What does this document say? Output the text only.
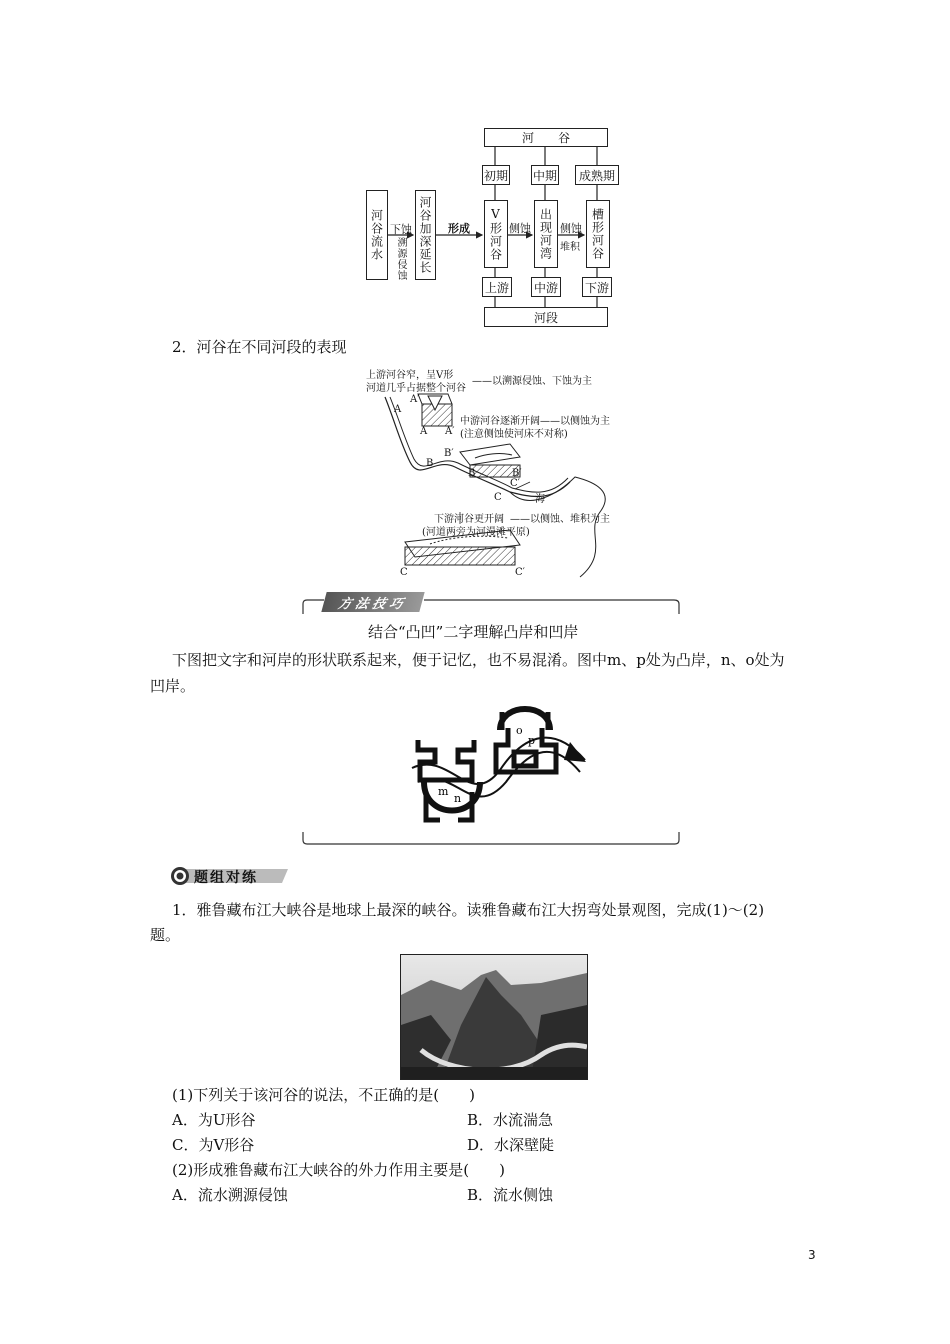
河　　谷
初期 中期 成熟期
河谷流水 下蚀
溯源侵蚀 河谷加深延长 形成 V形河谷 侧蚀 出现河湾 侧蚀
堆积 槽形河谷
上游 中游 下游
河段
2．河谷在不同河段的表现
上游河谷窄，呈V形
河道几乎占据整个河谷
——以溯源侵蚀、下蚀为主
中游河谷逐渐开阔——以侧蚀为主
(注意侧蚀使河床不对称)
下游河谷更开阔 ——以侧蚀、堆积为主
(河道两旁为河漫滩平原)
海
A
A′
A A′
B
B′
B	B′
C
C′
C	C′
方法技巧
结合“凸凹”二字理解凸岸和凹岸
下图把文字和河岸的形状联系起来，便于记忆，也不易混淆。图中m、p处为凸岸，n、o处为
凹岸。
m
n
o
p
题组对练
1．雅鲁藏布江大峡谷是地球上最深的峡谷。读雅鲁藏布江大拐弯处景观图，完成(1)～(2)
题。
(1)下列关于该河谷的说法，不正确的是(　　)
A．为U形谷	B．水流湍急
C．为V形谷	D．水深壁陡
(2)形成雅鲁藏布江大峡谷的外力作用主要是(　　)
A．流水溯源侵蚀	B．流水侧蚀
3
